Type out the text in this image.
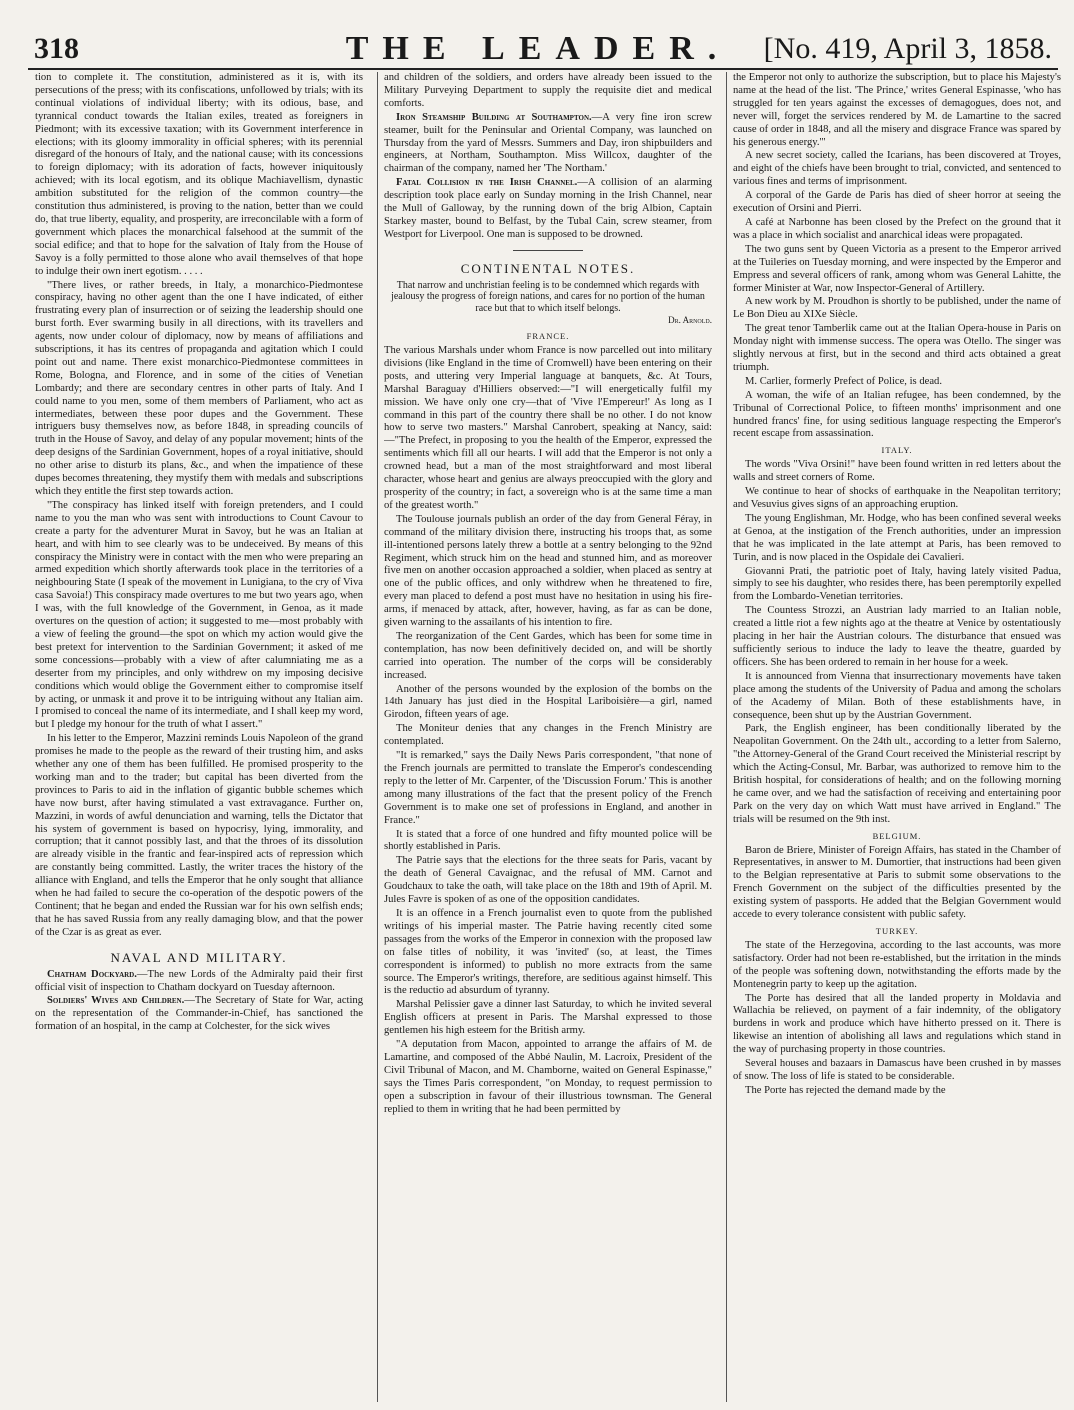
318	THE LEADER.	[No. 419, April 3, 1858.

tion to complete it. The constitution, administered as it is, with its persecutions of the press; with its confiscations, unfollowed by trials; with its continual violations of individual liberty; with its odious, base, and tyrannical conduct towards the Italian exiles, treated as foreigners in Piedmont; with its excessive taxation; with its Government interference in elections; with its gloomy immorality in official spheres; with its perennial disregard of the honours of Italy, and the national cause; with its concessions to foreign diplomacy; with its adoration of facts, however iniquitously achieved; with its local egotism, and its oblique Machiavellism, dynastic ambition substituted for the religion of the common country—the constitution thus administered, is proving to the nation, better than we could do, that true liberty, equality, and prosperity, are irreconcilable with a form of government which places the monarchical falsehood at the summit of the social edifice; and that to hope for the salvation of Italy from the House of Savoy is a folly permitted to those alone who avail themselves of that hope to indulge their own inert egotism. . . . .

"There lives, or rather breeds, in Italy, a monarchico-Piedmontese conspiracy, having no other agent than the one I have indicated, of either frustrating every plan of insurrection or of seizing the leadership should one burst forth. Ever swarming busily in all directions, with its travellers and agents, now under colour of diplomacy, now by means of affiliations and subscriptions, it has its centres of propaganda and agitation which I could point out and name. There exist monarchico-Piedmontese committees in Rome, Bologna, and Florence, and in some of the cities of Venetian Lombardy; and there are secondary centres in other parts of Italy. And I could name to you men, some of them members of Parliament, who act as intermediates, between these poor dupes and the Government. These intriguers busy themselves now, as before 1848, in spreading councils of truth in the House of Savoy, and delay of any popular movement; hints of the deep designs of the Sardinian Government, hopes of a royal initiative, should no other arise to disturb its plans, &c., and when the impatience of these dupes becomes threatening, they mystify them with medals and subscriptions which they entitle the first step towards action.

"The conspiracy has linked itself with foreign pretenders, and I could name to you the man who was sent with introductions to Count Cavour to create a party for the adventurer Murat in Savoy, but he was an Italian at heart, and with him to see clearly was to be undeceived. By means of this conspiracy the Ministry were in contact with the men who were preparing an armed expedition which shortly afterwards took place in the territories of a neighbouring State (I speak of the movement in Lunigiana, to the cry of Viva casa Savoia!) This conspiracy made overtures to me but two years ago, when I was, with the full knowledge of the Government, in Genoa, as it made overtures on the question of action; it suggested to me—most probably with a view of feeling the ground—the spot on which my action would give the best pretext for intervention to the Sardinian Government; it asked of me some concessions—probably with a view of after calumniating me as a deserter from my principles, and only withdrew on my imposing decisive conditions which would oblige the Government either to compromise itself by acting, or unmask it and prove it to be intriguing without any Italian aim. I promised to conceal the name of its intermediate, and I shall keep my word, but I pledge my honour for the truth of what I assert."

In his letter to the Emperor, Mazzini reminds Louis Napoleon of the grand promises he made to the people as the reward of their trusting him, and asks whether any one of them has been fulfilled. He promised prosperity to the working man and to the trader; but capital has been diverted from the provinces to Paris to aid in the inflation of gigantic bubble schemes which have now burst, after having stimulated a vast extravagance. Further on, Mazzini, in words of awful denunciation and warning, tells the Dictator that his system of government is based on hypocrisy, lying, immorality, and corruption; that it cannot possibly last, and that the throes of its dissolution are already visible in the frantic and fear-inspired acts of repression which are constantly being committed. Lastly, the writer traces the history of the alliance with England, and tells the Emperor that he only sought that alliance when he had failed to secure the co-operation of the despotic powers of the Continent; that he began and ended the Russian war for his own selfish ends; that he has saved Russia from any really damaging blow, and that the power of the Czar is as great as ever.

NAVAL AND MILITARY.

Chatham Dockyard.—The new Lords of the Admiralty paid their first official visit of inspection to Chatham dockyard on Tuesday afternoon.

Soldiers' Wives and Children.—The Secretary of State for War, acting on the representation of the Commander-in-Chief, has sanctioned the formation of an hospital, in the camp at Colchester, for the sick wives

and children of the soldiers, and orders have already been issued to the Military Purveying Department to supply the requisite diet and medical comforts.

Iron Steamship Building at Southampton.—A very fine iron screw steamer, built for the Peninsular and Oriental Company, was launched on Thursday from the yard of Messrs. Summers and Day, iron shipbuilders and engineers, at Northam, Southampton. Miss Willcox, daughter of the chairman of the company, named her 'The Northam.'

Fatal Collision in the Irish Channel.—A collision of an alarming description took place early on Sunday morning in the Irish Channel, near the Mull of Galloway, by the running down of the brig Albion, Captain Starkey master, bound to Belfast, by the Tubal Cain, screw steamer, from Westport for Liverpool. One man is supposed to be drowned.

CONTINENTAL NOTES.
That narrow and unchristian feeling is to be condemned which regards with jealousy the progress of foreign nations, and cares for no portion of the human race but that to which itself belongs.
Dr. Arnold.
FRANCE.

The various Marshals under whom France is now parcelled out into military divisions (like England in the time of Cromwell) have been entering on their posts, and uttering very Imperial language at banquets, &c. At Tours, Marshal Baraguay d'Hilliers observed:—"I will energetically fulfil my mission. We have only one cry—that of 'Vive l'Empereur!' As long as I command in this part of the country there shall be no other. I do not know how to serve two masters." Marshal Canrobert, speaking at Nancy, said:—"The Prefect, in proposing to you the health of the Emperor, expressed the sentiments which fill all our hearts. I will add that the Emperor is not only a crowned head, but a man of the most straightforward and most liberal character, whose heart and genius are always preoccupied with the glory and prosperity of the country; in fact, a sovereign who is at the same time a man of the greatest worth."

The Toulouse journals publish an order of the day from General Féray, in command of the military division there, instructing his troops that, as some ill-intentioned persons lately threw a bottle at a sentry belonging to the 92nd Regiment, which struck him on the head and stunned him, and as moreover five men on another occasion approached a soldier, when placed as sentry at one of the public offices, and only withdrew when he threatened to fire, every man placed to defend a post must have no hesitation in using his fire-arms, if menaced by attack, after, however, having, as far as can be done, given warning to the assailants of his intention to fire.

The reorganization of the Cent Gardes, which has been for some time in contemplation, has now been definitively decided on, and will be shortly carried into operation. The number of the corps will be considerably increased.

Another of the persons wounded by the explosion of the bombs on the 14th January has just died in the Hospital Lariboisière—a girl, named Girodon, fifteen years of age.

The Moniteur denies that any changes in the French Ministry are contemplated.

"It is remarked," says the Daily News Paris correspondent, "that none of the French journals are permitted to translate the Emperor's condescending reply to the letter of Mr. Carpenter, of the 'Discussion Forum.' This is another among many illustrations of the fact that the present policy of the French Government is to make one set of professions in England, and another in France."

It is stated that a force of one hundred and fifty mounted police will be shortly established in Paris.

The Patrie says that the elections for the three seats for Paris, vacant by the death of General Cavaignac, and the refusal of MM. Carnot and Goudchaux to take the oath, will take place on the 18th and 19th of April. M. Jules Favre is spoken of as one of the opposition candidates.

It is an offence in a French journalist even to quote from the published writings of his imperial master. The Patrie having recently cited some passages from the works of the Emperor in connexion with the proposed law on false titles of nobility, it was 'invited' (so, at least, the Times correspondent is informed) to publish no more extracts from the same source. The Emperor's writings, therefore, are seditious against himself. This is the reductio ad absurdum of tyranny.

Marshal Pelissier gave a dinner last Saturday, to which he invited several English officers at present in Paris. The Marshal expressed to those gentlemen his high esteem for the British army.

"A deputation from Macon, appointed to arrange the affairs of M. de Lamartine, and composed of the Abbé Naulin, M. Lacroix, President of the Civil Tribunal of Macon, and M. Chamborne, waited on General Espinasse," says the Times Paris correspondent, "on Monday, to request permission to open a subscription in favour of their illustrious townsman. The General replied to them in writing that he had been permitted by

the Emperor not only to authorize the subscription, but to place his Majesty's name at the head of the list. 'The Prince,' writes General Espinasse, 'who has struggled for ten years against the excesses of demagogues, does not, and never will, forget the services rendered by M. de Lamartine to the sacred cause of order in 1848, and all the misery and disgrace France was spared by his generous energy.'"

A new secret society, called the Icarians, has been discovered at Troyes, and eight of the chiefs have been brought to trial, convicted, and sentenced to various fines and terms of imprisonment.

A corporal of the Garde de Paris has died of sheer horror at seeing the execution of Orsini and Pierri.

A café at Narbonne has been closed by the Prefect on the ground that it was a place in which socialist and anarchical ideas were propagated.

The two guns sent by Queen Victoria as a present to the Emperor arrived at the Tuileries on Tuesday morning, and were inspected by the Emperor and Empress and several officers of rank, among whom was General Lahitte, the former Minister at War, now Inspector-General of Artillery.

A new work by M. Proudhon is shortly to be published, under the name of Le Bon Dieu au XIXe Siècle.

The great tenor Tamberlik came out at the Italian Opera-house in Paris on Monday night with immense success. The opera was Otello. The singer was slightly nervous at first, but in the second and third acts obtained a great triumph.

M. Carlier, formerly Prefect of Police, is dead.

A woman, the wife of an Italian refugee, has been condemned, by the Tribunal of Correctional Police, to fifteen months' imprisonment and one hundred francs' fine, for using seditious language respecting the Emperor's recent escape from assassination.

ITALY.

The words "Viva Orsini!" have been found written in red letters about the walls and street corners of Rome.

We continue to hear of shocks of earthquake in the Neapolitan territory; and Vesuvius gives signs of an approaching eruption.

The young Englishman, Mr. Hodge, who has been confined several weeks at Genoa, at the instigation of the French authorities, under an impression that he was implicated in the late attempt at Paris, has been removed to Turin, and is now placed in the Ospidale dei Cavalieri.

Giovanni Prati, the patriotic poet of Italy, having lately visited Padua, simply to see his daughter, who resides there, has been peremptorily expelled from the Lombardo-Venetian territories.

The Countess Strozzi, an Austrian lady married to an Italian noble, created a little riot a few nights ago at the theatre at Venice by ostentatiously placing in her hair the Austrian colours. The disturbance that ensued was sufficiently serious to induce the lady to leave the theatre, guarded by officers. She has been ordered to remain in her house for a week.

It is announced from Vienna that insurrectionary movements have taken place among the students of the University of Padua and among the scholars of the Academy of Milan. Both of these establishments have, in consequence, been shut up by the Austrian Government.

Park, the English engineer, has been conditionally liberated by the Neapolitan Government. On the 24th ult., according to a letter from Salerno, "the Attorney-General of the Grand Court received the Ministerial rescript by which the Acting-Consul, Mr. Barbar, was authorized to remove him to the British hospital, for considerations of health; and on the following morning he came over, and we had the satisfaction of receiving and entertaining poor Park on the very day on which Watt must have arrived in England." The trials will be resumed on the 9th inst.

BELGIUM.

Baron de Briere, Minister of Foreign Affairs, has stated in the Chamber of Representatives, in answer to M. Dumortier, that instructions had been given to the Belgian representative at Paris to submit some observations to the French Government on the subject of the difficulties presented by the existing system of passports. He added that the Belgian Government would accede to every tolerance consistent with public safety.

TURKEY.

The state of the Herzegovina, according to the last accounts, was more satisfactory. Order had not been re-established, but the irritation in the minds of the people was softening down, notwithstanding the efforts made by the Montenegrin party to keep up the agitation.

The Porte has desired that all the landed property in Moldavia and Wallachia be relieved, on payment of a fair indemnity, of the obligatory burdens in work and produce which have hitherto pressed on it. There is likewise an intention of abolishing all laws and regulations which stand in the way of purchasing property in those countries.

Several houses and bazaars in Damascus have been crushed in by masses of snow. The loss of life is stated to be considerable.

The Porte has rejected the demand made by the
